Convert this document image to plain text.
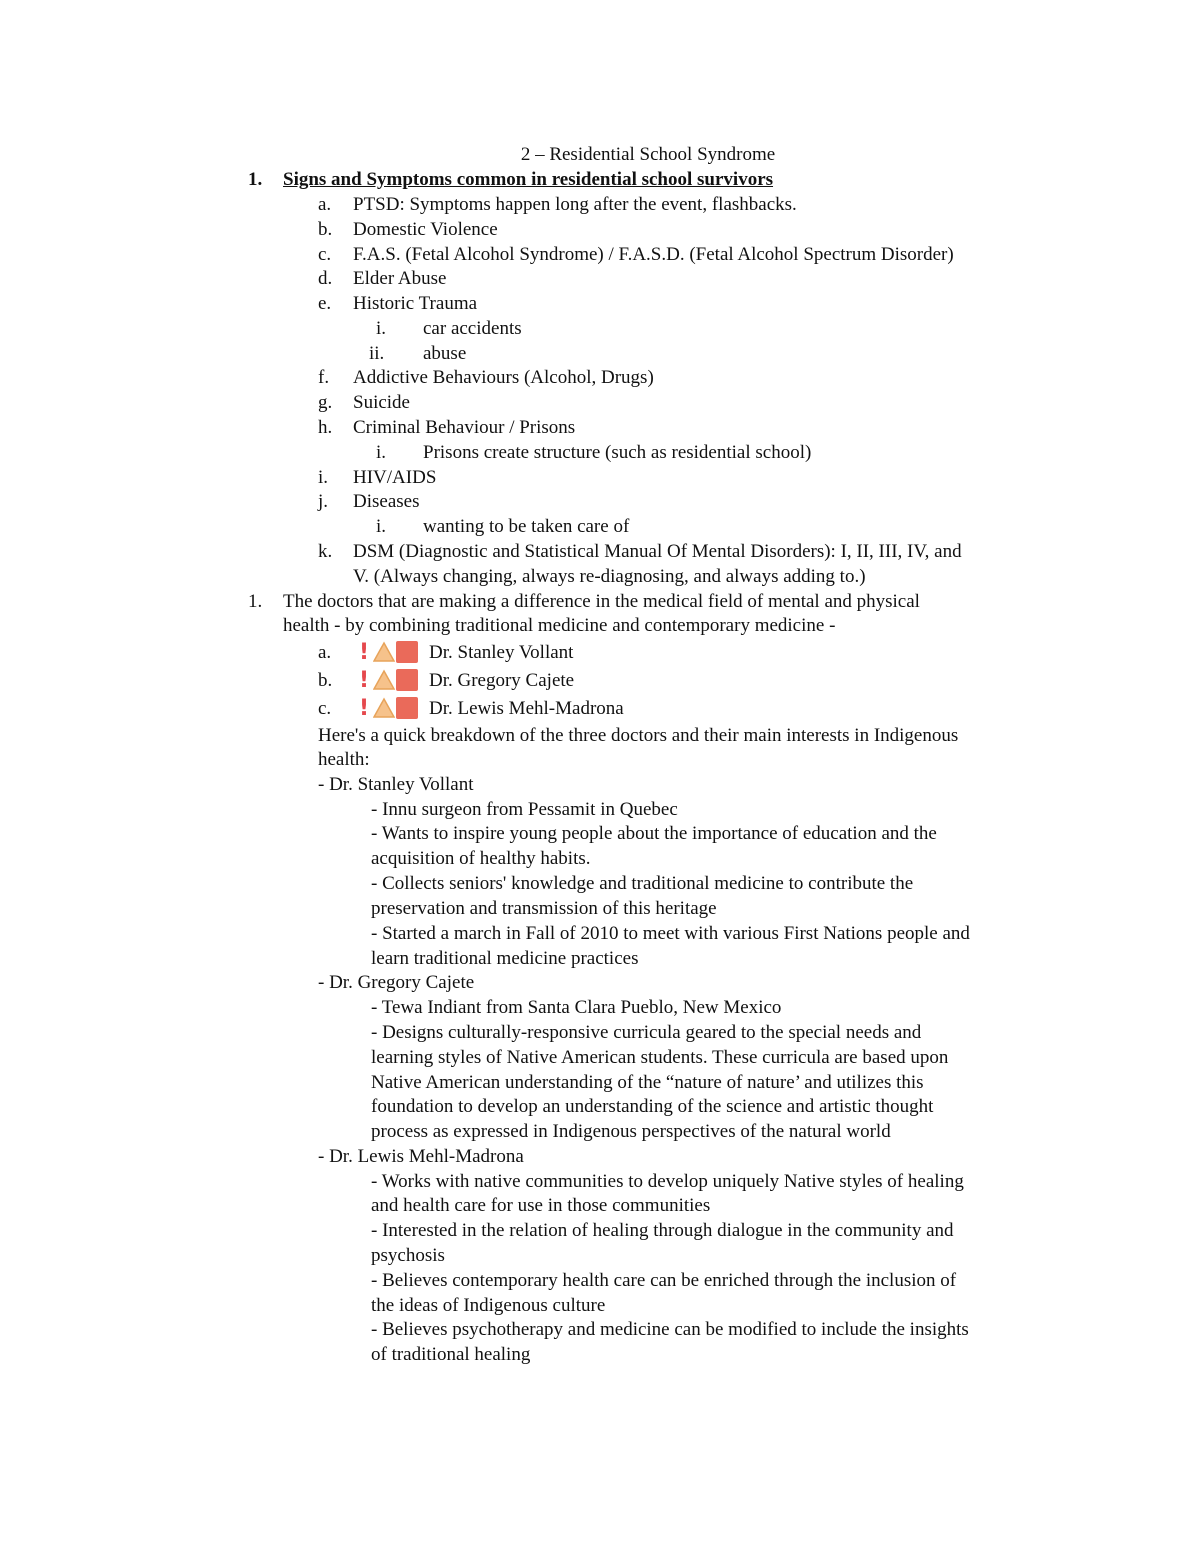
2 – Residential School Syndrome
1. Signs and Symptoms common in residential school survivors
a. PTSD: Symptoms happen long after the event, flashbacks.
b. Domestic Violence
c. F.A.S. (Fetal Alcohol Syndrome) / F.A.S.D. (Fetal Alcohol Spectrum Disorder)
d. Elder Abuse
e. Historic Trauma
i. car accidents
ii. abuse
f. Addictive Behaviours (Alcohol, Drugs)
g. Suicide
h. Criminal Behaviour / Prisons
i. Prisons create structure (such as residential school)
i. HIV/AIDS
j. Diseases
i. wanting to be taken care of
k. DSM (Diagnostic and Statistical Manual Of Mental Disorders): I, II, III, IV, and
V. (Always changing, always re-diagnosing, and always adding to.)
1. The doctors that are making a difference in the medical field of mental and physical
health - by combining traditional medicine and contemporary medicine -
a. !	Dr. Stanley Vollant
b. !	Dr. Gregory Cajete
c. !	Dr. Lewis Mehl-Madrona
Here's a quick breakdown of the three doctors and their main interests in Indigenous
health:
- Dr. Stanley Vollant
- Innu surgeon from Pessamit in Quebec
- Wants to inspire young people about the importance of education and the
acquisition of healthy habits.
- Collects seniors' knowledge and traditional medicine to contribute the
preservation and transmission of this heritage
- Started a march in Fall of 2010 to meet with various First Nations people and
learn traditional medicine practices
- Dr. Gregory Cajete
- Tewa Indiant from Santa Clara Pueblo, New Mexico
- Designs culturally-responsive curricula geared to the special needs and
learning styles of Native American students. These curricula are based upon
Native American understanding of the “nature of nature’ and utilizes this
foundation to develop an understanding of the science and artistic thought
process as expressed in Indigenous perspectives of the natural world
- Dr. Lewis Mehl-Madrona
- Works with native communities to develop uniquely Native styles of healing
and health care for use in those communities
- Interested in the relation of healing through dialogue in the community and
psychosis
- Believes contemporary health care can be enriched through the inclusion of
the ideas of Indigenous culture
- Believes psychotherapy and medicine can be modified to include the insights
of traditional healing
